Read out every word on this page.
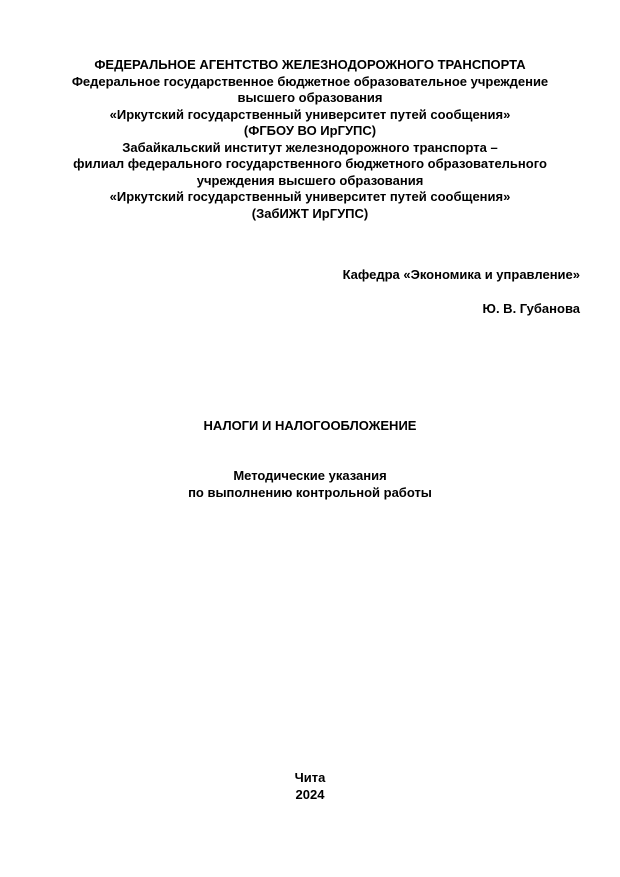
ФЕДЕРАЛЬНОЕ АГЕНТСТВО ЖЕЛЕЗНОДОРОЖНОГО ТРАНСПОРТА
Федеральное государственное бюджетное образовательное учреждение
высшего образования
«Иркутский государственный университет путей сообщения»
(ФГБОУ ВО ИрГУПС)
Забайкальский институт железнодорожного транспорта –
филиал федерального государственного бюджетного образовательного
учреждения высшего образования
«Иркутский государственный университет путей сообщения»
(ЗабИЖТ ИрГУПС)
Кафедра «Экономика и управление»
Ю. В. Губанова
НАЛОГИ И НАЛОГООБЛОЖЕНИЕ
Методические указания
по выполнению контрольной работы
Чита
2024
